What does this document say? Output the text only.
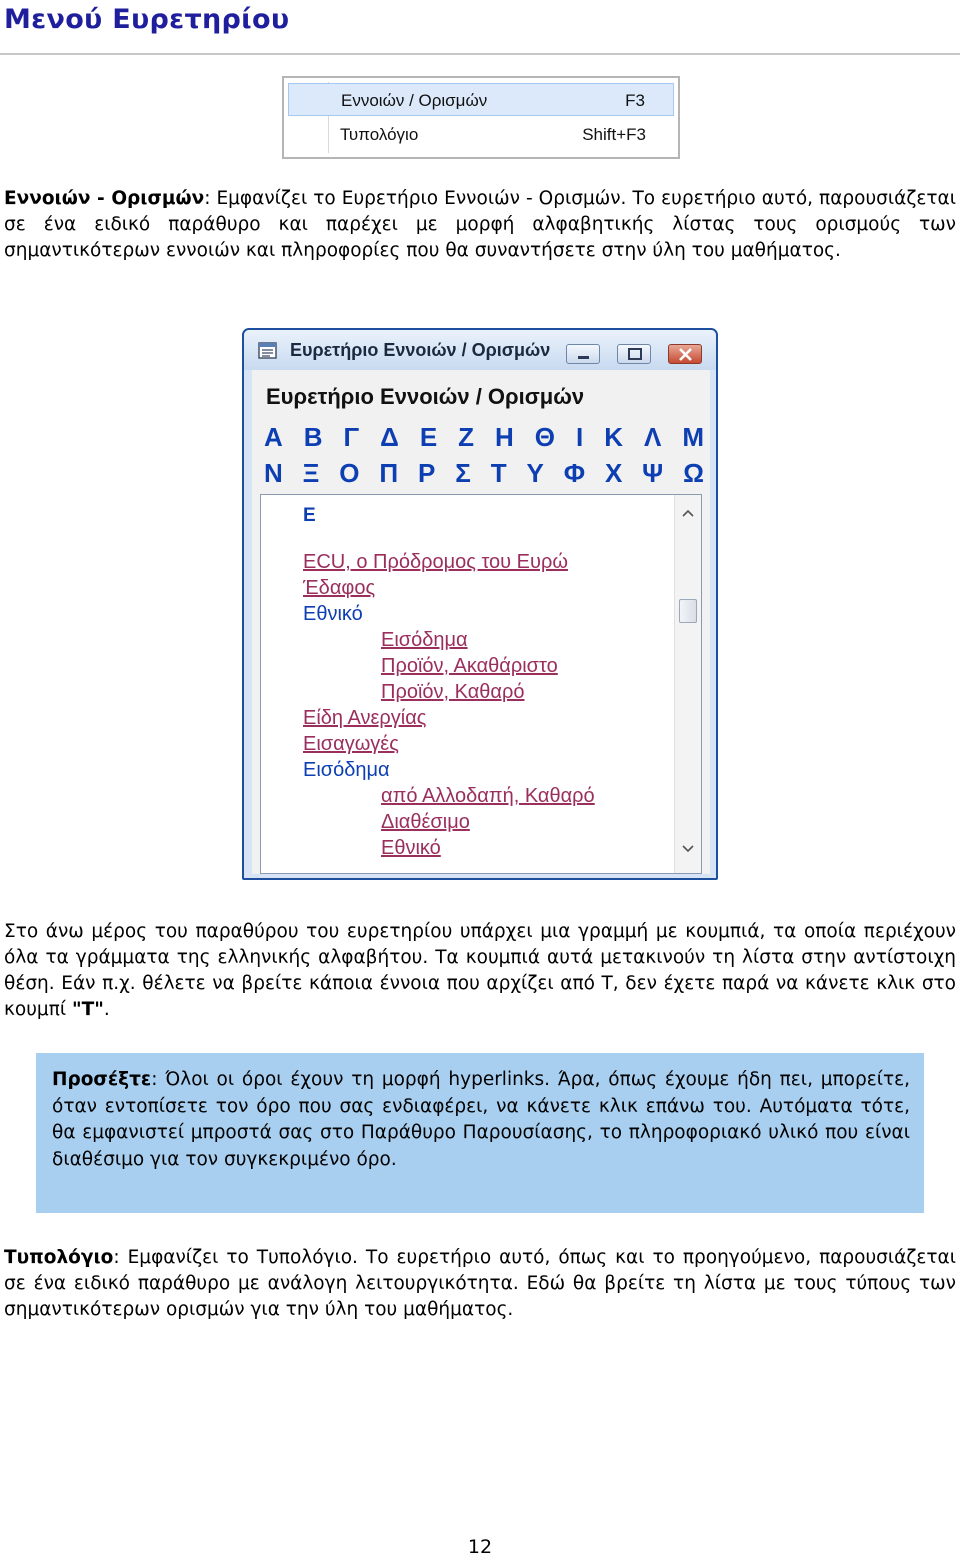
Μενού Ευρετηρίου
Εννοιών / Ορισμών	F3
Τυπολόγιο	Shift+F3
Εννοιών - Ορισμών: Εμφανίζει το Ευρετήριο Εννοιών - Ορισμών. Το ευρετήριο αυτό, παρουσιάζεται σε ένα ειδικό παράθυρο και παρέχει με μορφή αλφαβητικής λίστας τους ορισμούς των σημαντικότερων εννοιών και πληροφορίες που θα συναντήσετε στην ύλη του μαθήματος.
Ευρετήριο Εννοιών / Ορισμών
Ευρετήριο Εννοιών / Ορισμών
Α Β Γ Δ Ε Ζ Η Θ Ι Κ Λ Μ
Ν Ξ Ο Π Ρ Σ Τ Υ Φ Χ Ψ Ω
Ε
ECU, ο Πρόδρομος του Ευρώ
Έδαφος
Εθνικό
Εισόδημα
Προϊόν, Ακαθάριστο
Προϊόν, Καθαρό
Είδη Ανεργίας
Εισαγωγές
Εισόδημα
από Αλλοδαπή, Καθαρό
Διαθέσιμο
Εθνικό
Στο άνω μέρος του παραθύρου του ευρετηρίου υπάρχει μια γραμμή με κουμπιά, τα οποία περιέχουν όλα τα γράμματα της ελληνικής αλφαβήτου. Τα κουμπιά αυτά μετακινούν τη λίστα στην αντίστοιχη θέση. Εάν π.χ. θέλετε να βρείτε κάποια έννοια που αρχίζει από Τ, δεν έχετε παρά να κάνετε κλικ στο κουμπί "Τ".
Προσέξτε: Όλοι οι όροι έχουν τη μορφή hyperlinks. Άρα, όπως έχουμε ήδη πει, μπορείτε, όταν εντοπίσετε τον όρο που σας ενδιαφέρει, να κάνετε κλικ επάνω του. Αυτόματα τότε, θα εμφανιστεί μπροστά σας στο Παράθυρο Παρουσίασης, το πληροφοριακό υλικό που είναι διαθέσιμο για τον συγκεκριμένο όρο.
Τυπολόγιο: Εμφανίζει το Τυπολόγιο. Το ευρετήριο αυτό, όπως και το προηγούμενο, παρουσιάζεται σε ένα ειδικό παράθυρο με ανάλογη λειτουργικότητα. Εδώ θα βρείτε τη λίστα με τους τύπους των σημαντικότερων ορισμών για την ύλη του μαθήματος.
12
